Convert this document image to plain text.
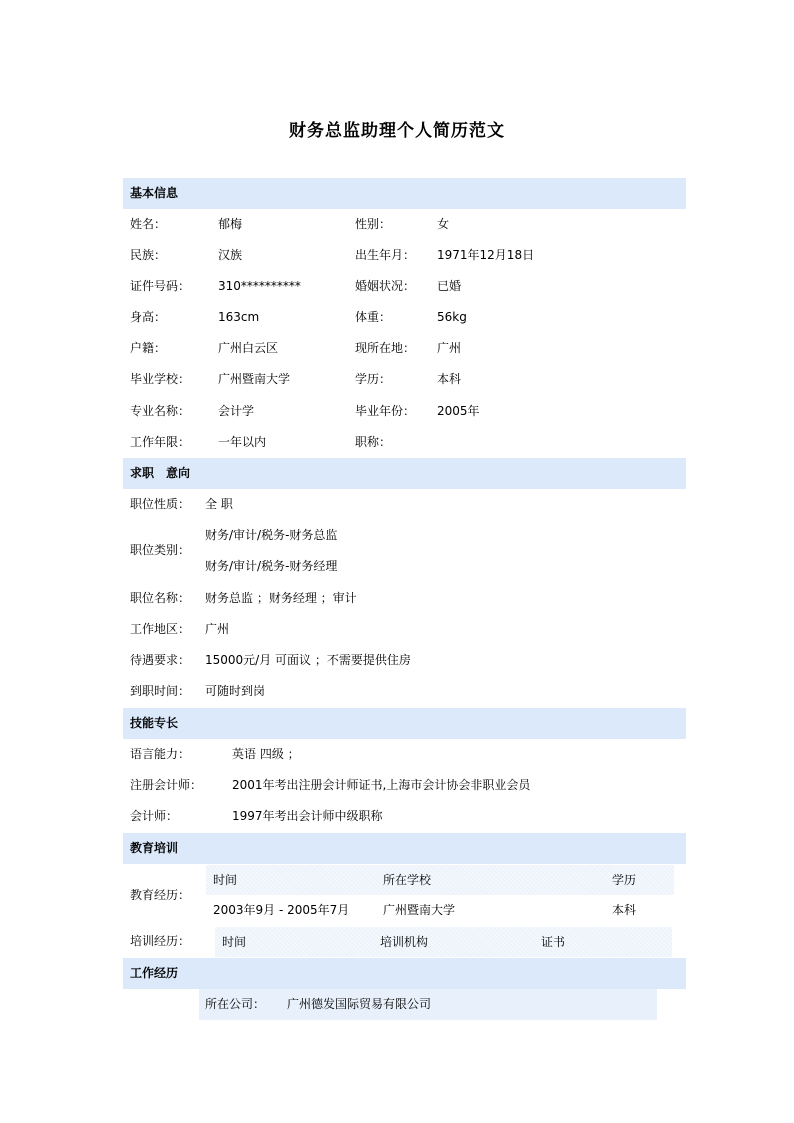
财务总监助理个人简历范文
基本信息
姓名：	郁梅	性别：	女
民族：	汉族	出生年月： 1971年12月18日
证件号码： 310**********	婚姻状况： 已婚
身高：	163cm	体重：	56kg
户籍：	广州白云区	现所在地： 广州
毕业学校： 广州暨南大学	学历：	本科
专业名称： 会计学	毕业年份： 2005年
工作年限： 一年以内	职称：
求职　意向
职位性质： 全 职
职位类别：
财务/审计/税务-财务总监
财务/审计/税务-财务经理
职位名称： 财务总监 ；财务经理 ；审计
工作地区： 广州
待遇要求： 15000元/月 可面议 ；不需要提供住房
到职时间： 可随时到岗
技能专长
语言能力：	英语 四级 ；
注册会计师： 2001年考出注册会计师证书,上海市会计协会非职业会员
会计师：	1997年考出会计师中级职称
教育培训
教育经历：
时间	所在学校	学历
2003年9月 - 2005年7月	广州暨南大学	本科
培训经历：	时间	培训机构	证书
工作经历
所在公司： 广州德发国际贸易有限公司
